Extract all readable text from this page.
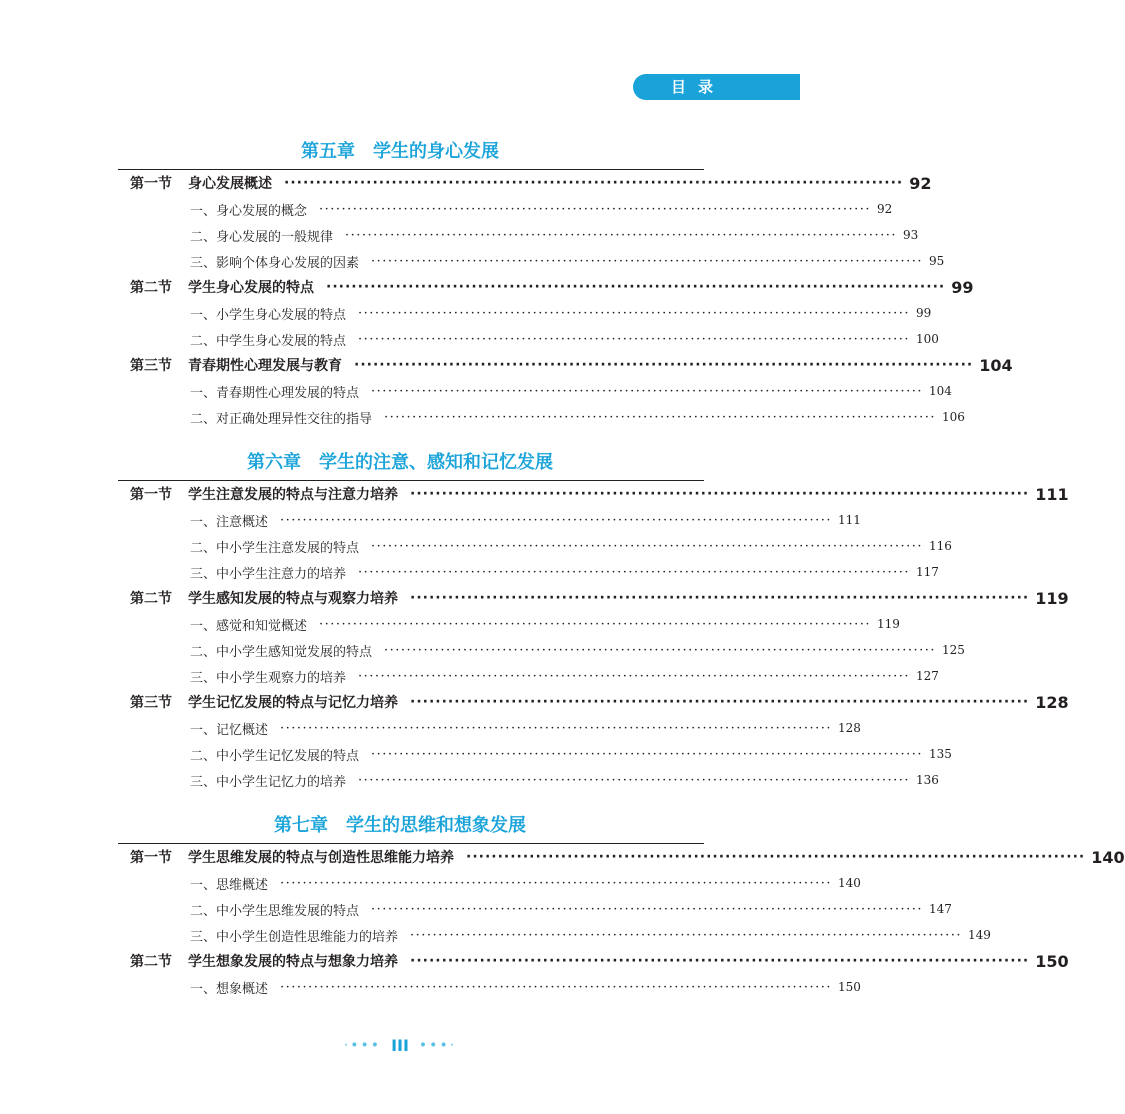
目录
第五章 学生的身心发展
第一节	身心发展概述 ·································································································· 92
一、身心发展的概念 ·································································································· 92
二、身心发展的一般规律 ·································································································· 93
三、影响个体身心发展的因素 ·································································································· 95
第二节	学生身心发展的特点 ·································································································· 99
一、小学生身心发展的特点 ·································································································· 99
二、中学生身心发展的特点 ·································································································· 100
第三节	青春期性心理发展与教育 ·································································································· 104
一、青春期性心理发展的特点 ·································································································· 104
二、对正确处理异性交往的指导 ·································································································· 106
第六章 学生的注意、感知和记忆发展
第一节	学生注意发展的特点与注意力培养 ·································································································· 111
一、注意概述 ·································································································· 111
二、中小学生注意发展的特点 ·································································································· 116
三、中小学生注意力的培养 ·································································································· 117
第二节	学生感知发展的特点与观察力培养 ·································································································· 119
一、感觉和知觉概述 ·································································································· 119
二、中小学生感知觉发展的特点 ·································································································· 125
三、中小学生观察力的培养 ·································································································· 127
第三节	学生记忆发展的特点与记忆力培养 ·································································································· 128
一、记忆概述 ·································································································· 128
二、中小学生记忆发展的特点 ·································································································· 135
三、中小学生记忆力的培养 ·································································································· 136
第七章 学生的思维和想象发展
第一节	学生思维发展的特点与创造性思维能力培养 ·································································································· 140
一、思维概述 ·································································································· 140
二、中小学生思维发展的特点 ·································································································· 147
三、中小学生创造性思维能力的培养 ·································································································· 149
第二节	学生想象发展的特点与想象力培养 ·································································································· 150
一、想象概述 ·································································································· 150
·••• III •••·
